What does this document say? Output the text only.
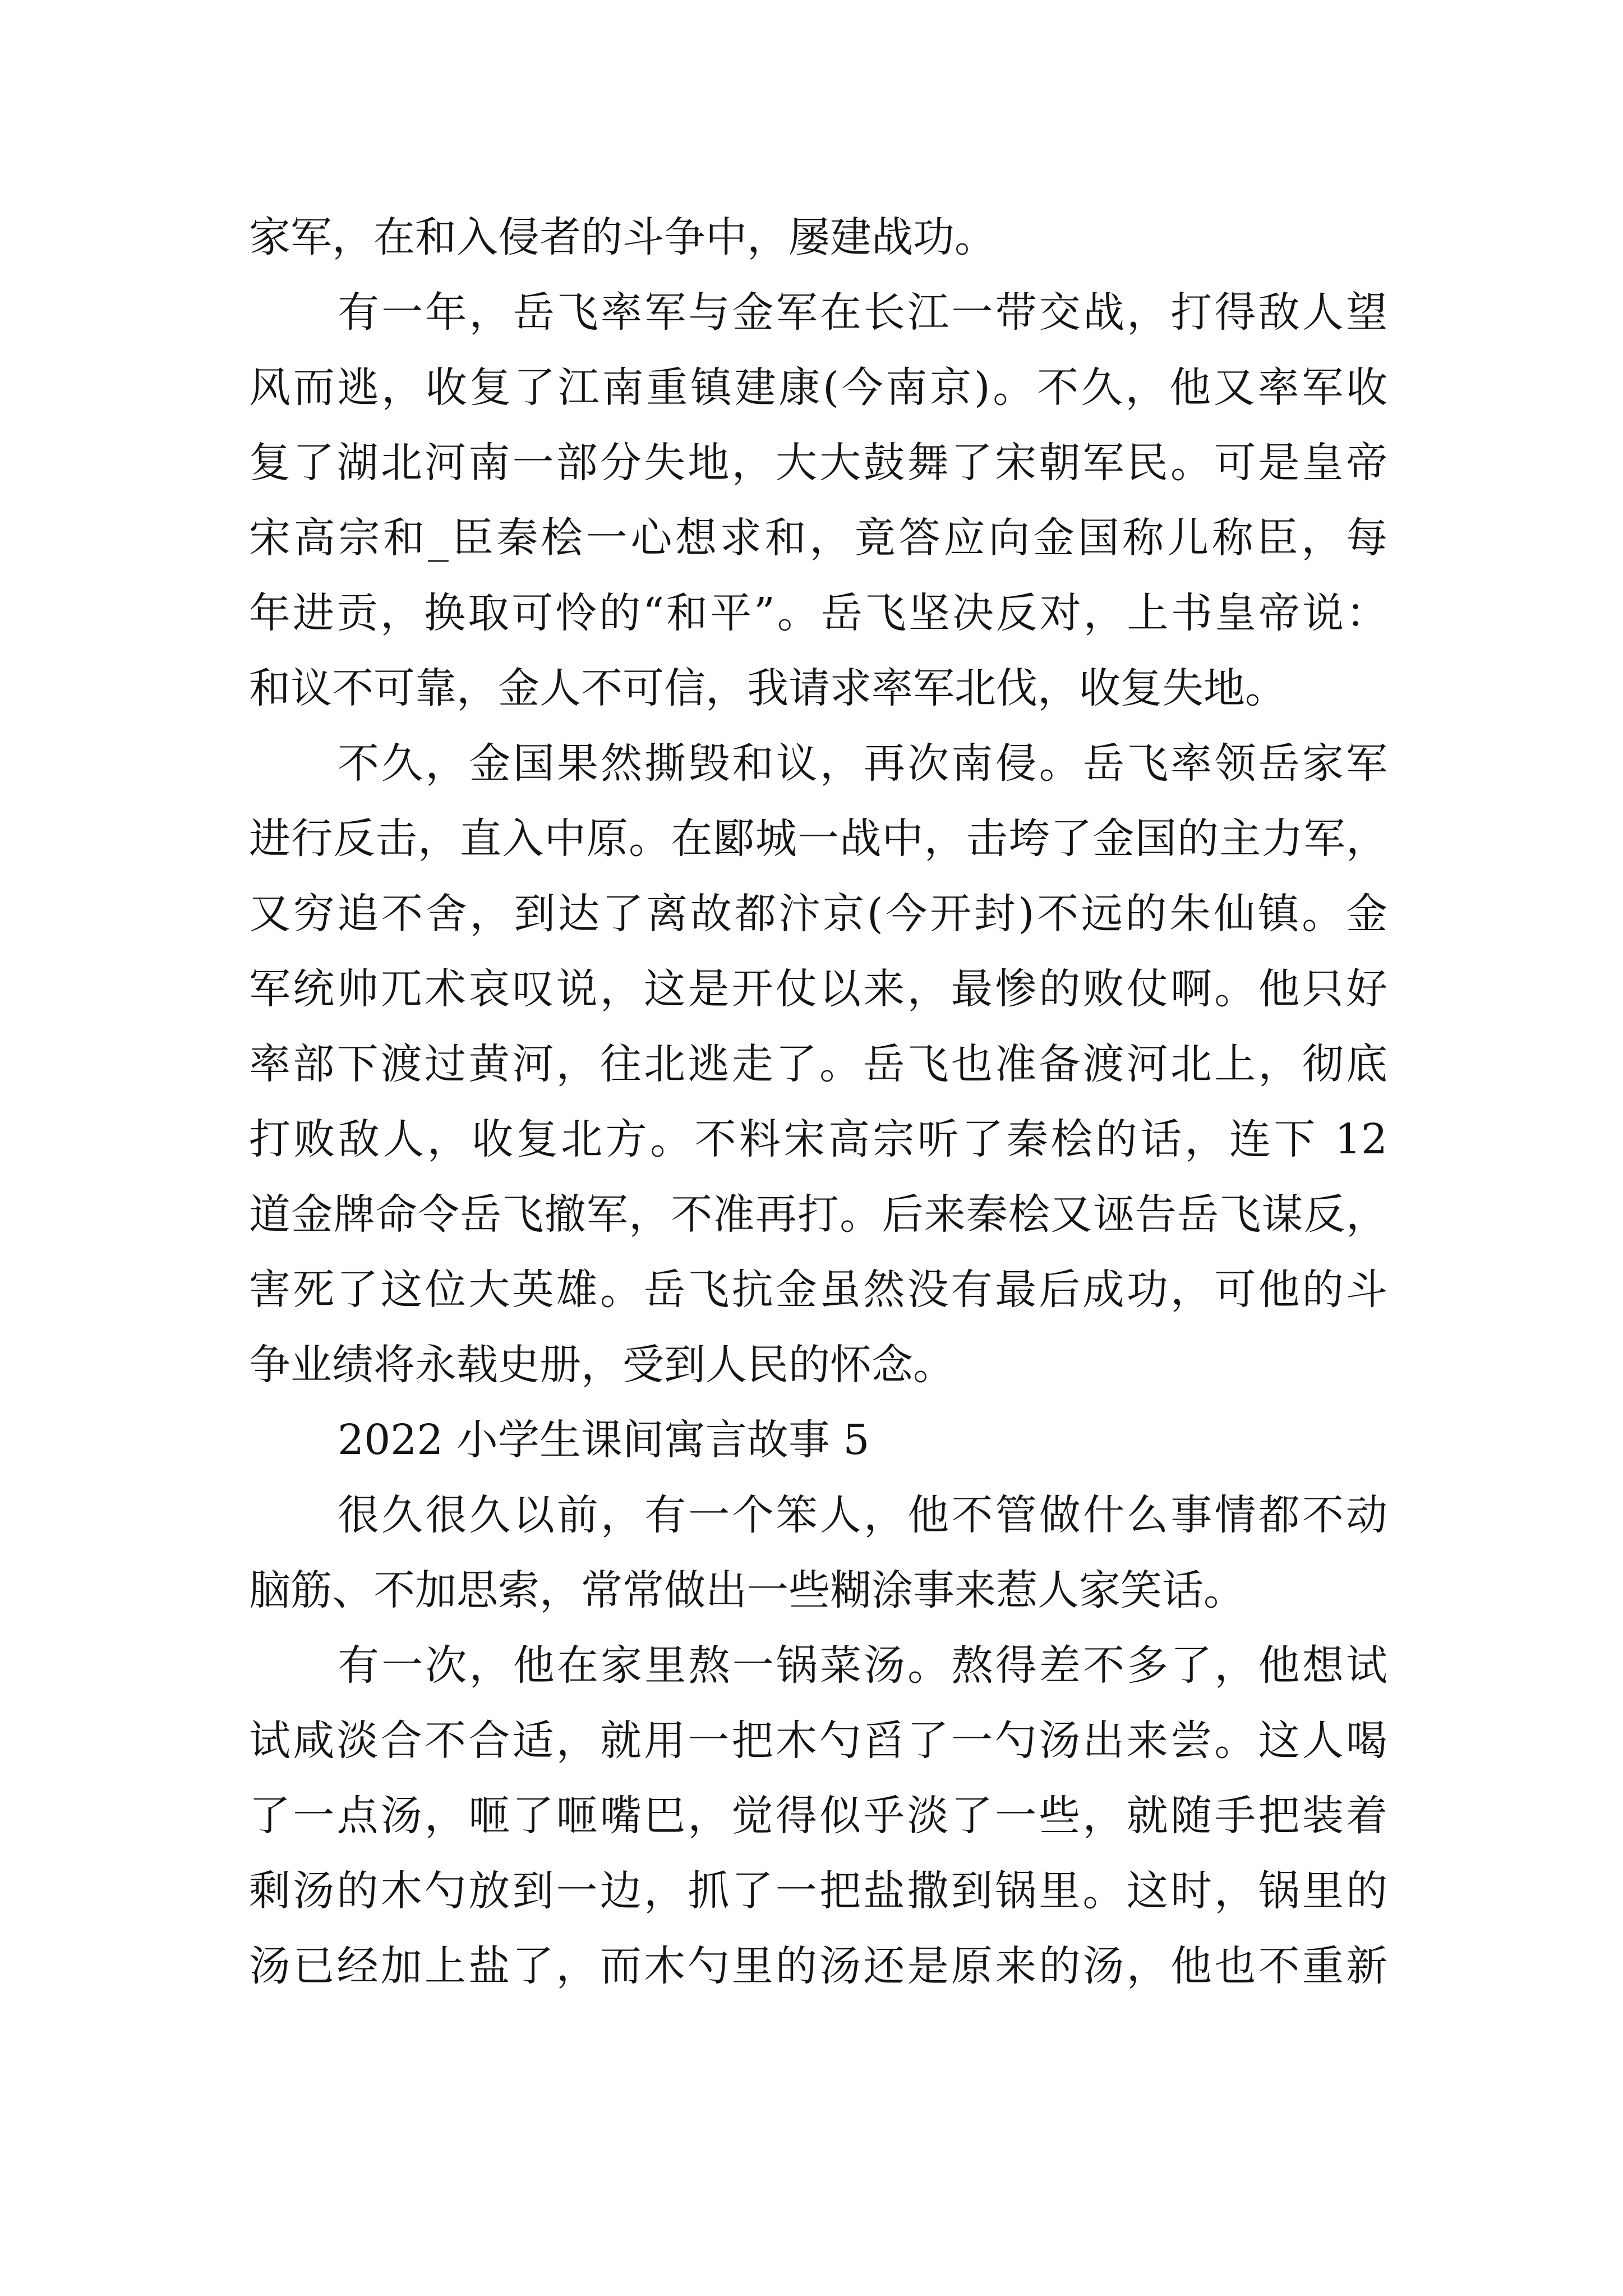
家军，在和入侵者的斗争中，屡建战功。
有一年，岳飞率军与金军在长江一带交战，打得敌人望
风而逃，收复了江南重镇建康(今南京)。不久，他又率军收
复了湖北河南一部分失地，大大鼓舞了宋朝军民。可是皇帝
宋高宗和_臣秦桧一心想求和，竟答应向金国称儿称臣，每
年进贡，换取可怜的“和平”。岳飞坚决反对，上书皇帝说：
和议不可靠，金人不可信，我请求率军北伐，收复失地。
不久，金国果然撕毁和议，再次南侵。岳飞率领岳家军
进行反击，直入中原。在郾城一战中，击垮了金国的主力军，
又穷追不舍，到达了离故都汴京(今开封)不远的朱仙镇。金
军统帅兀术哀叹说，这是开仗以来，最惨的败仗啊。他只好
率部下渡过黄河，往北逃走了。岳飞也准备渡河北上，彻底
打败敌人，收复北方。不料宋高宗听了秦桧的话，连下 12
道金牌命令岳飞撤军，不准再打。后来秦桧又诬告岳飞谋反，
害死了这位大英雄。岳飞抗金虽然没有最后成功，可他的斗
争业绩将永载史册，受到人民的怀念。
2022 小学生课间寓言故事 5
很久很久以前，有一个笨人，他不管做什么事情都不动
脑筋、不加思索，常常做出一些糊涂事来惹人家笑话。
有一次，他在家里熬一锅菜汤。熬得差不多了，他想试
试咸淡合不合适，就用一把木勺舀了一勺汤出来尝。这人喝
了一点汤，咂了咂嘴巴，觉得似乎淡了一些，就随手把装着
剩汤的木勺放到一边，抓了一把盐撒到锅里。这时，锅里的
汤已经加上盐了，而木勺里的汤还是原来的汤，他也不重新
